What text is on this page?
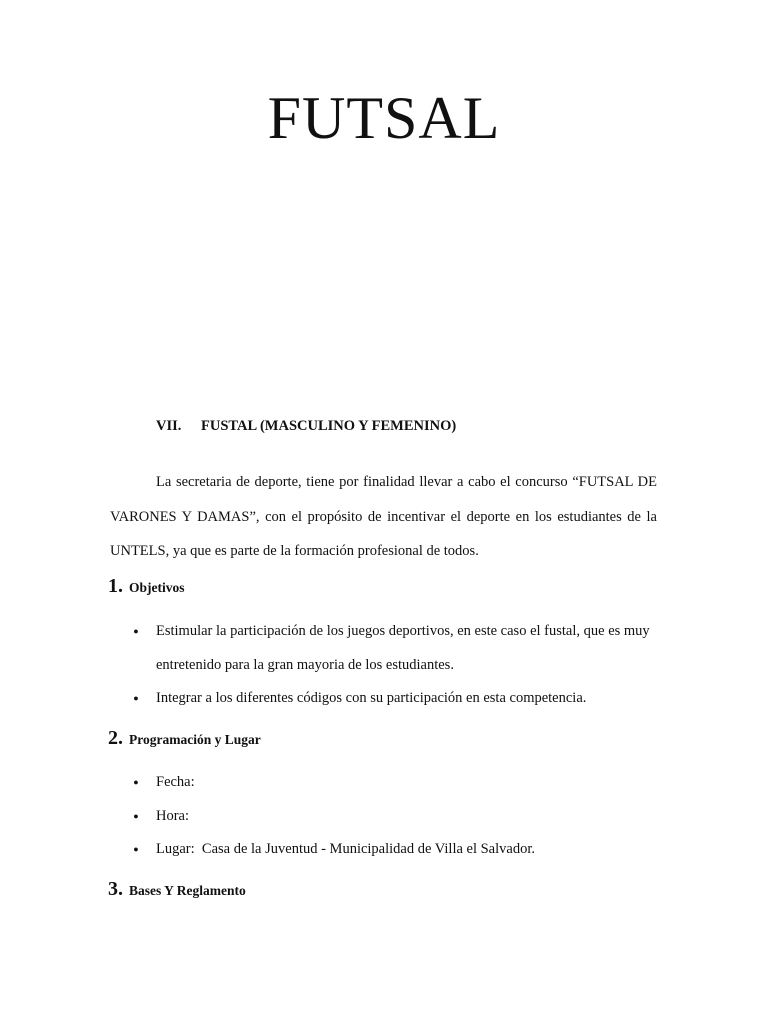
FUTSAL

VII. FUSTAL (MASCULINO Y FEMENINO)

La secretaria de deporte, tiene por finalidad llevar a cabo el concurso “FUTSAL DE VARONES Y DAMAS”, con el propósito de incentivar el deporte en los estudiantes de la UNTELS, ya que es parte de la formación profesional de todos.

1. Objetivos

● Estimular la participación de los juegos deportivos, en este caso el fustal, que es muy entretenido para la gran mayoria de los estudiantes.
● Integrar a los diferentes códigos con su participación en esta competencia.

2. Programación y Lugar

● Fecha:
● Hora:
● Lugar:  Casa de la Juventud - Municipalidad de Villa el Salvador.

3. Bases Y Reglamento
